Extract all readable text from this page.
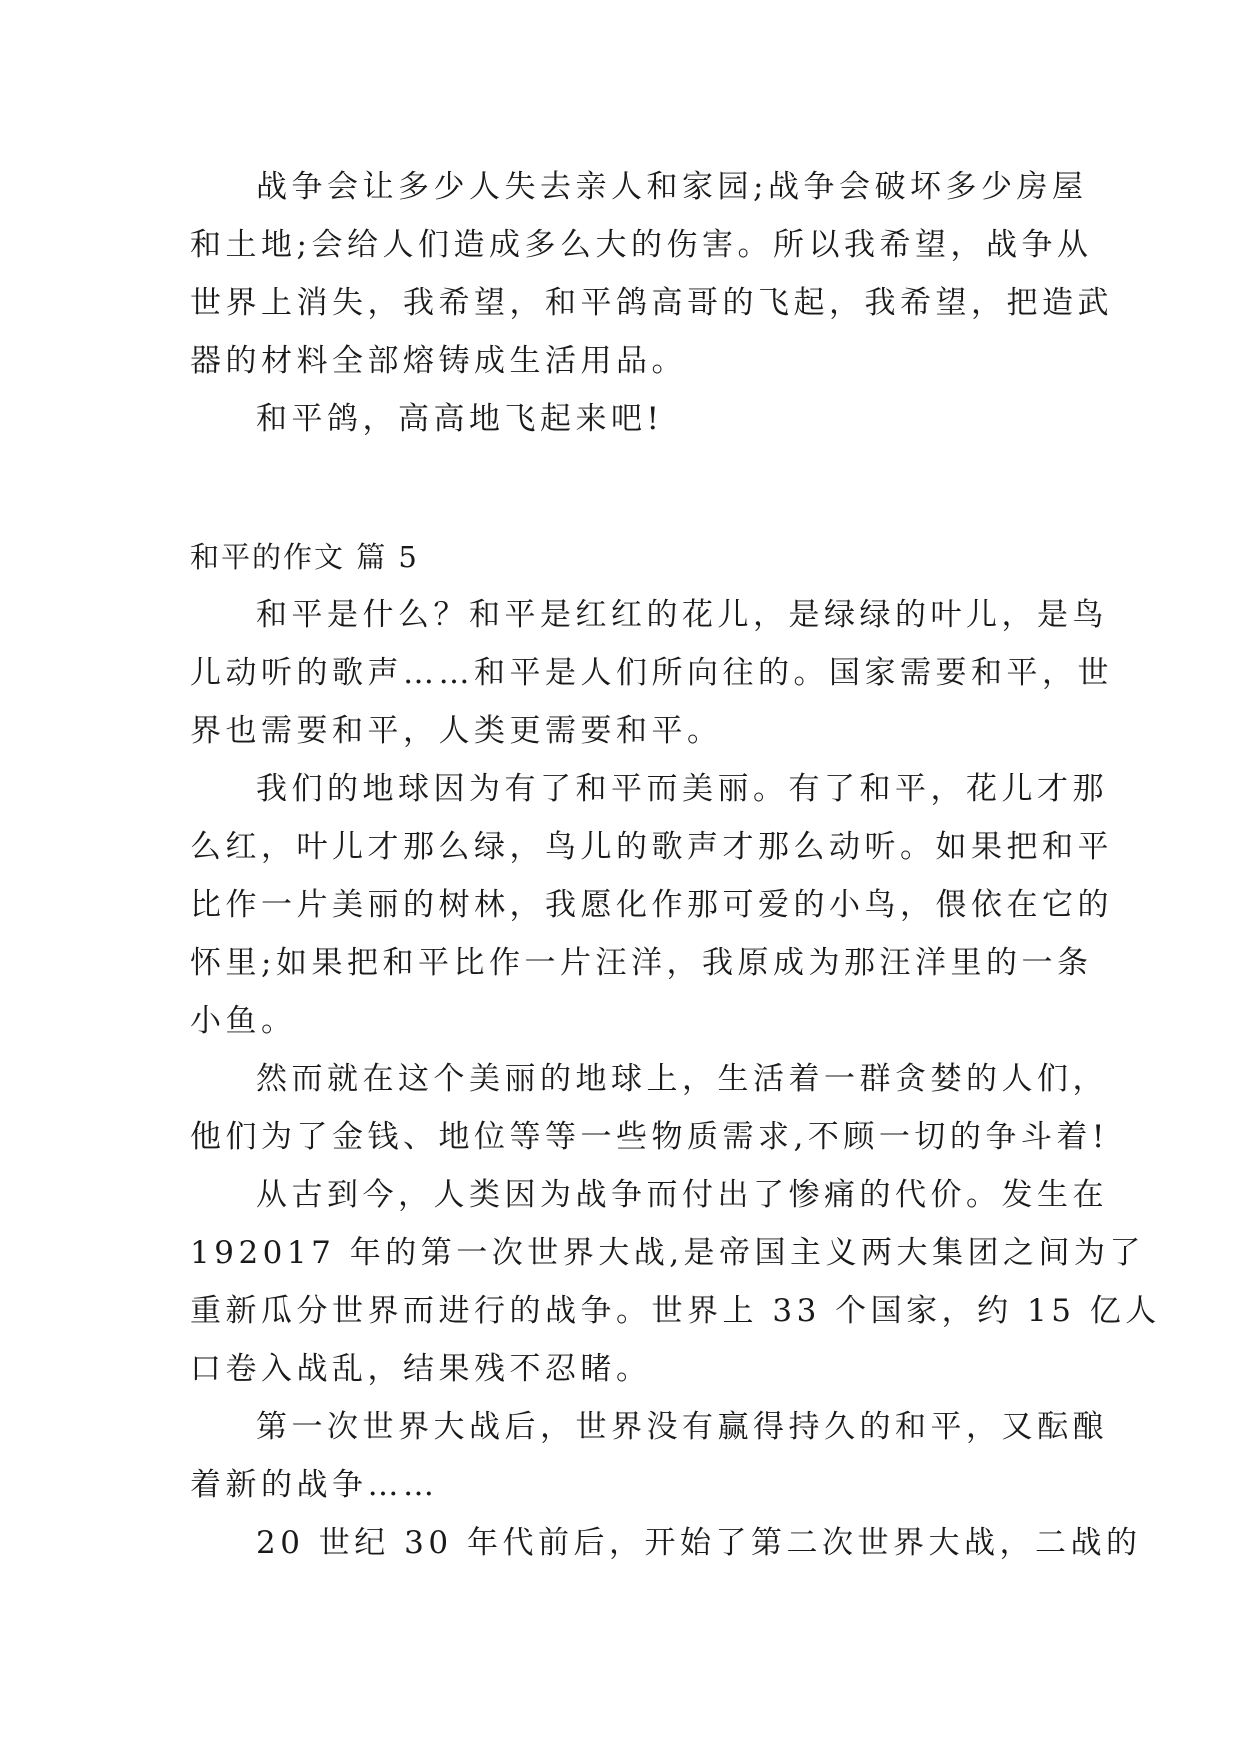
战争会让多少人失去亲人和家园;战争会破坏多少房屋
和土地;会给人们造成多么大的伤害。所以我希望，战争从
世界上消失，我希望，和平鸽高哥的飞起，我希望，把造武
器的材料全部熔铸成生活用品。
和平鸽，高高地飞起来吧!
和平的作文 篇 5
和平是什么？和平是红红的花儿，是绿绿的叶儿，是鸟
儿动听的歌声……和平是人们所向往的。国家需要和平，世
界也需要和平，人类更需要和平。
我们的地球因为有了和平而美丽。有了和平，花儿才那
么红，叶儿才那么绿，鸟儿的歌声才那么动听。如果把和平
比作一片美丽的树林，我愿化作那可爱的小鸟，偎依在它的
怀里;如果把和平比作一片汪洋，我原成为那汪洋里的一条
小鱼。
然而就在这个美丽的地球上，生活着一群贪婪的人们，
他们为了金钱、地位等等一些物质需求,不顾一切的争斗着!
从古到今，人类因为战争而付出了惨痛的代价。发生在
192017 年的第一次世界大战,是帝国主义两大集团之间为了
重新瓜分世界而进行的战争。世界上 33 个国家，约 15 亿人
口卷入战乱，结果残不忍睹。
第一次世界大战后，世界没有赢得持久的和平，又酝酿
着新的战争……
20 世纪 30 年代前后，开始了第二次世界大战，二战的
